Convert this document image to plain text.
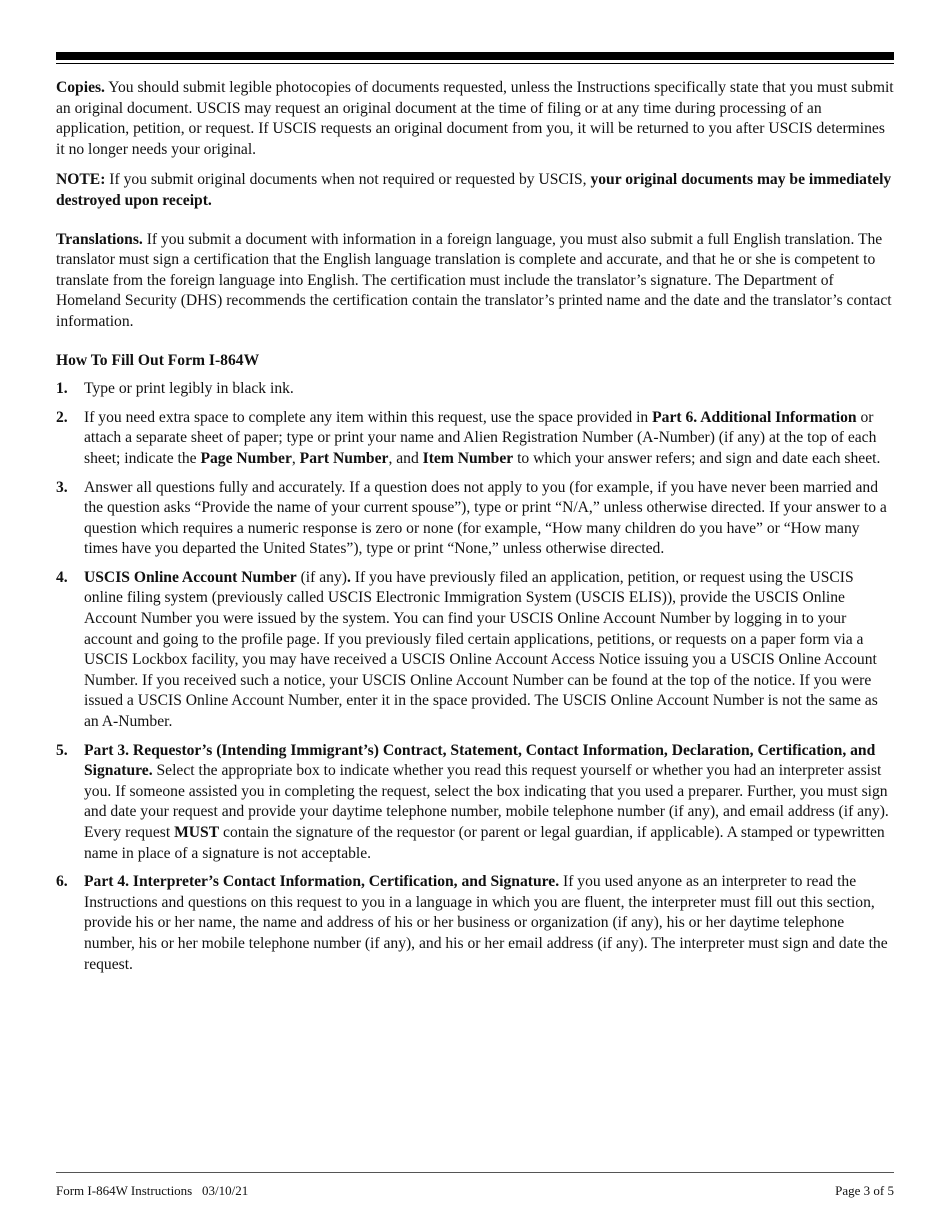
Copies. You should submit legible photocopies of documents requested, unless the Instructions specifically state that you must submit an original document. USCIS may request an original document at the time of filing or at any time during processing of an application, petition, or request. If USCIS requests an original document from you, it will be returned to you after USCIS determines it no longer needs your original.

NOTE: If you submit original documents when not required or requested by USCIS, your original documents may be immediately destroyed upon receipt.

Translations. If you submit a document with information in a foreign language, you must also submit a full English translation. The translator must sign a certification that the English language translation is complete and accurate, and that he or she is competent to translate from the foreign language into English. The certification must include the translator’s signature. The Department of Homeland Security (DHS) recommends the certification contain the translator’s printed name and the date and the translator’s contact information.

How To Fill Out Form I-864W

1.	Type or print legibly in black ink.
2.	If you need extra space to complete any item within this request, use the space provided in Part 6. Additional Information or attach a separate sheet of paper; type or print your name and Alien Registration Number (A-Number) (if any) at the top of each sheet; indicate the Page Number, Part Number, and Item Number to which your answer refers; and sign and date each sheet.
3.	Answer all questions fully and accurately. If a question does not apply to you (for example, if you have never been married and the question asks “Provide the name of your current spouse”), type or print “N/A,” unless otherwise directed. If your answer to a question which requires a numeric response is zero or none (for example, “How many children do you have” or “How many times have you departed the United States”), type or print “None,” unless otherwise directed.
4.	USCIS Online Account Number (if any). If you have previously filed an application, petition, or request using the USCIS online filing system (previously called USCIS Electronic Immigration System (USCIS ELIS)), provide the USCIS Online Account Number you were issued by the system. You can find your USCIS Online Account Number by logging in to your account and going to the profile page. If you previously filed certain applications, petitions, or requests on a paper form via a USCIS Lockbox facility, you may have received a USCIS Online Account Access Notice issuing you a USCIS Online Account Number. If you received such a notice, your USCIS Online Account Number can be found at the top of the notice. If you were issued a USCIS Online Account Number, enter it in the space provided. The USCIS Online Account Number is not the same as an A-Number.
5.	Part 3. Requestor’s (Intending Immigrant’s) Contract, Statement, Contact Information, Declaration, Certification, and Signature. Select the appropriate box to indicate whether you read this request yourself or whether you had an interpreter assist you. If someone assisted you in completing the request, select the box indicating that you used a preparer. Further, you must sign and date your request and provide your daytime telephone number, mobile telephone number (if any), and email address (if any). Every request MUST contain the signature of the requestor (or parent or legal guardian, if applicable). A stamped or typewritten name in place of a signature is not acceptable.
6.	Part 4. Interpreter’s Contact Information, Certification, and Signature. If you used anyone as an interpreter to read the Instructions and questions on this request to you in a language in which you are fluent, the interpreter must fill out this section, provide his or her name, the name and address of his or her business or organization (if any), his or her daytime telephone number, his or her mobile telephone number (if any), and his or her email address (if any). The interpreter must sign and date the request.
Form I-864W Instructions   03/10/21	Page 3 of 5
